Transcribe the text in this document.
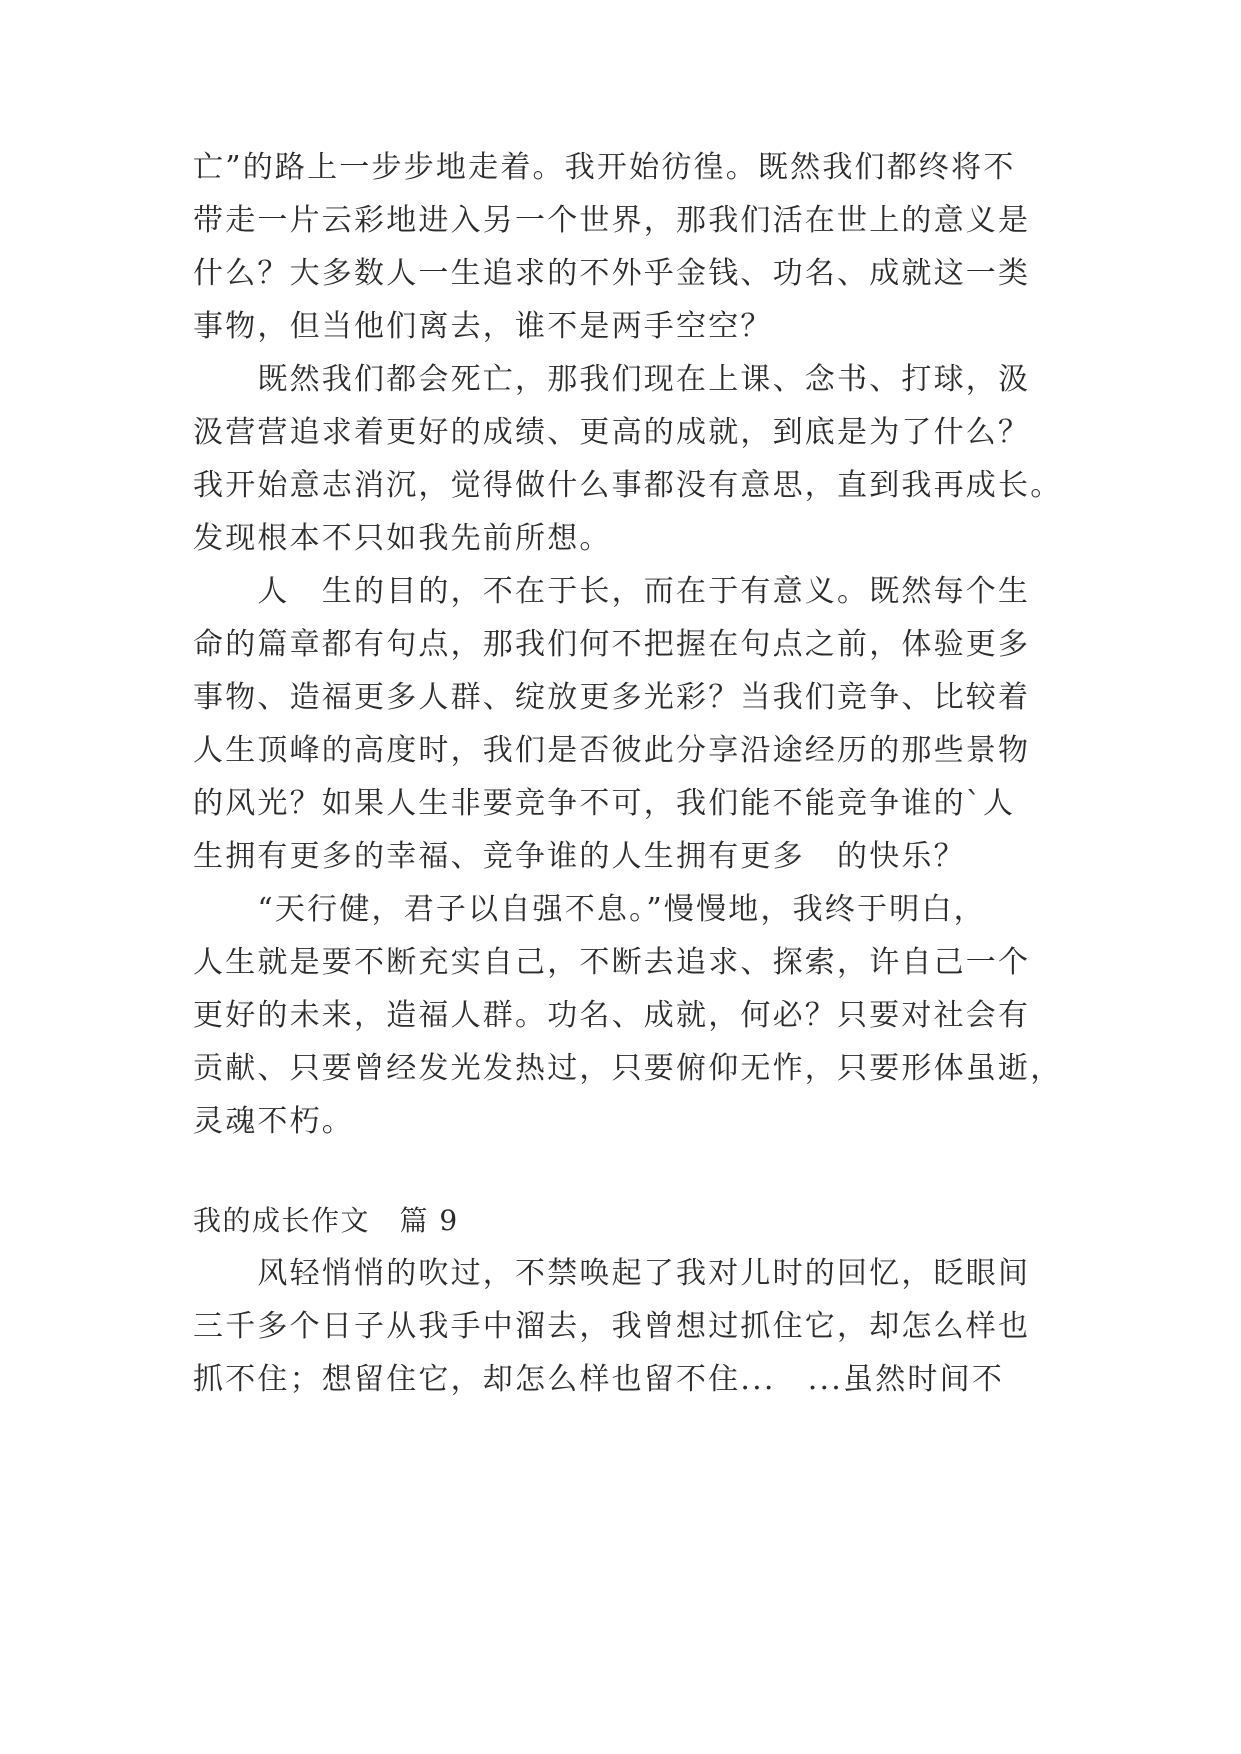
亡”的路上一步步地走着。我开始彷徨。既然我们都终将不
带走一片云彩地进入另一个世界，那我们活在世上的意义是
什么？大多数人一生追求的不外乎金钱、功名、成就这一类
事物，但当他们离去，谁不是两手空空？
　　既然我们都会死亡，那我们现在上课、念书、打球，汲
汲营营追求着更好的成绩、更高的成就，到底是为了什么？
我开始意志消沉，觉得做什么事都没有意思，直到我再成长。
发现根本不只如我先前所想。
　　人　生的目的，不在于长，而在于有意义。既然每个生
命的篇章都有句点，那我们何不把握在句点之前，体验更多
事物、造福更多人群、绽放更多光彩？当我们竞争、比较着
人生顶峰的高度时，我们是否彼此分享沿途经历的那些景物
的风光？如果人生非要竞争不可，我们能不能竞争谁的`人
生拥有更多的幸福、竞争谁的人生拥有更多　的快乐？
　　“天行健，君子以自强不息。”慢慢地，我终于明白，
人生就是要不断充实自己，不断去追求、探索，许自己一个
更好的未来，造福人群。功名、成就，何必？只要对社会有
贡献、只要曾经发光发热过，只要俯仰无怍，只要形体虽逝，
灵魂不朽。
我的成长作文　篇 9
　　风轻悄悄的吹过，不禁唤起了我对儿时的回忆，眨眼间
三千多个日子从我手中溜去，我曾想过抓住它，却怎么样也
抓不住；想留住它，却怎么样也留不住...　...虽然时间不
